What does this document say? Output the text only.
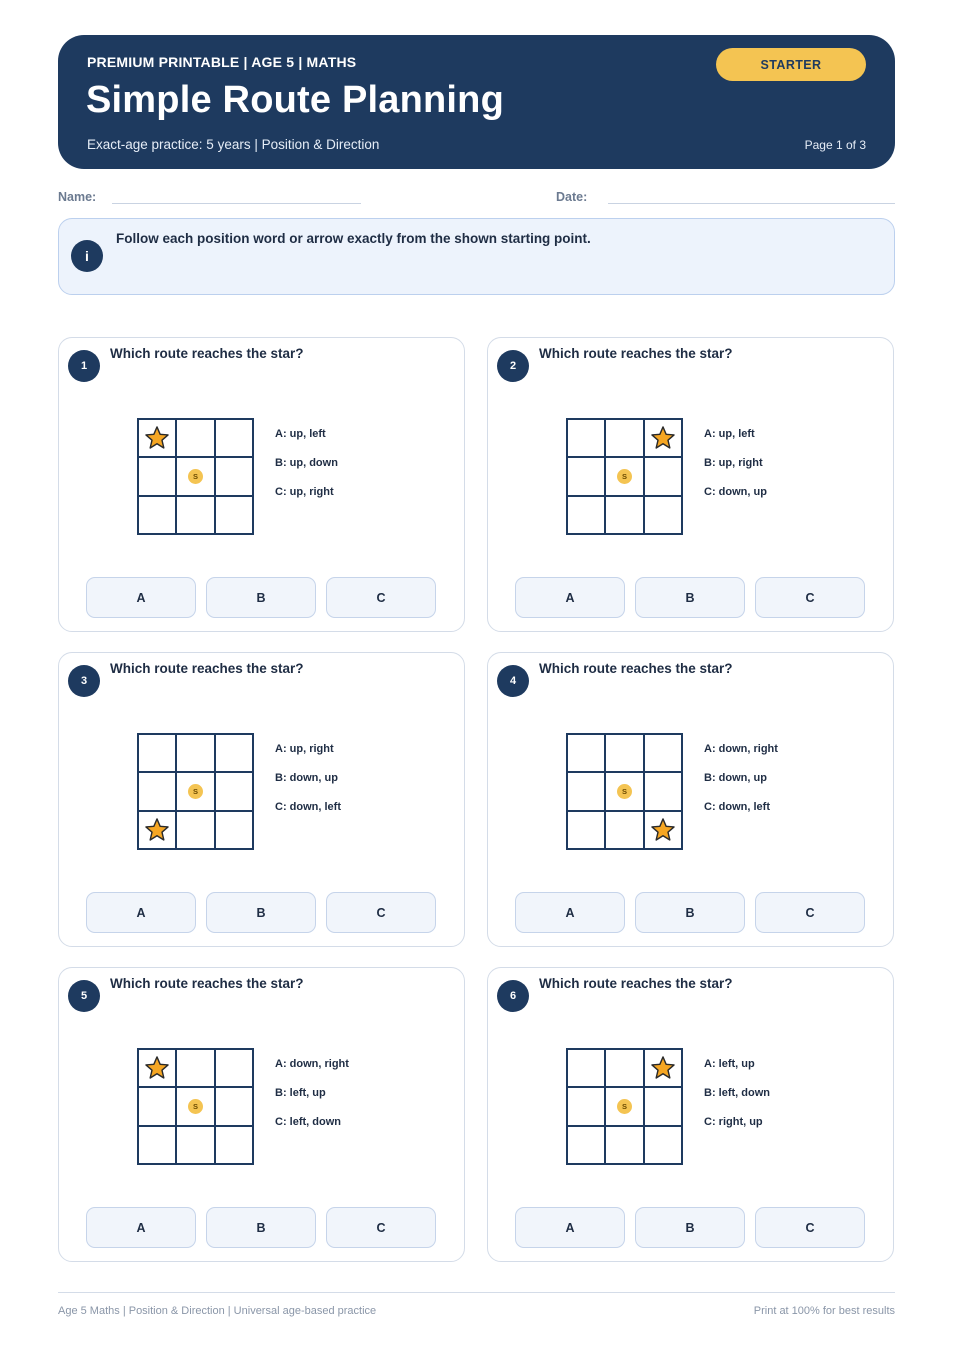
PREMIUM PRINTABLE | AGE 5 | MATHS
Simple Route Planning
Exact-age practice: 5 years | Position & Direction	Page 1 of 3
STARTER
Name:	Date:
i
Follow each position word or arrow exactly from the shown starting point.
1
Which route reaches the star?
S
A: up, left
B: up, down
C: up, right
A	B	C
2
Which route reaches the star?
S
A: up, left
B: up, right
C: down, up
A	B	C
3
Which route reaches the star?
S
A: up, right
B: down, up
C: down, left
A	B	C
4
Which route reaches the star?
S
A: down, right
B: down, up
C: down, left
A	B	C
5
Which route reaches the star?
S
A: down, right
B: left, up
C: left, down
A	B	C
6
Which route reaches the star?
S
A: left, up
B: left, down
C: right, up
A	B	C
Age 5 Maths | Position & Direction | Universal age-based practice	Print at 100% for best results
